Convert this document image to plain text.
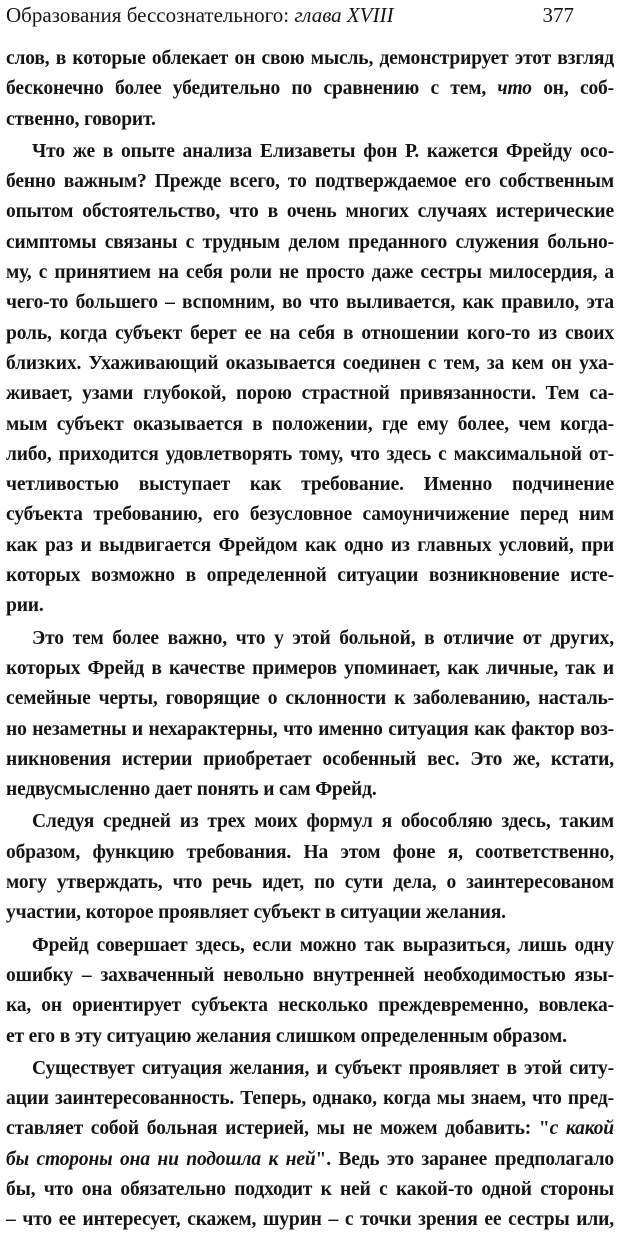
Образования бессознательного: глава XVIII	377
слов, в которые облекает он свою мысль, демонстрирует этот взгляд
бесконечно более убедительно по сравнению с тем, что он, соб-
ственно, говорит.
Что же в опыте анализа Елизаветы фон Р. кажется Фрейду осо-
бенно важным? Прежде всего, то подтверждаемое его собственным
опытом обстоятельство, что в очень многих случаях истерические
симптомы связаны с трудным делом преданного служения больно-
му, с принятием на себя роли не просто даже сестры милосердия, а
чего-то большего – вспомним, во что выливается, как правило, эта
роль, когда субъект берет ее на себя в отношении кого-то из своих
близких. Ухаживающий оказывается соединен с тем, за кем он уха-
живает, узами глубокой, порою страстной привязанности. Тем са-
мым субъект оказывается в положении, где ему более, чем когда-
либо, приходится удовлетворять тому, что здесь с максимальной от-
четливостью выступает как требование. Именно подчинение
субъекта требованию, его безусловное самоуничижение перед ним
как раз и выдвигается Фрейдом как одно из главных условий, при
которых возможно в определенной ситуации возникновение исте-
рии.
Это тем более важно, что у этой больной, в отличие от других,
которых Фрейд в качестве примеров упоминает, как личные, так и
семейные черты, говорящие о склонности к заболеванию, насталь-
но незаметны и нехарактерны, что именно ситуация как фактор воз-
никновения истерии приобретает особенный вес. Это же, кстати,
недвусмысленно дает понять и сам Фрейд.
Следуя средней из трех моих формул я обособляю здесь, таким
образом, функцию требования. На этом фоне я, соответственно,
могу утверждать, что речь идет, по сути дела, о заинтересованом
участии, которое проявляет субъект в ситуации желания.
Фрейд совершает здесь, если можно так выразиться, лишь одну
ошибку – захваченный невольно внутренней необходимостью язы-
ка, он ориентирует субъекта несколько преждевременно, вовлека-
ет его в эту ситуацию желания слишком определенным образом.
Существует ситуация желания, и субъект проявляет в этой ситу-
ации заинтересованность. Теперь, однако, когда мы знаем, что пред-
ставляет собой больная истерией, мы не можем добавить: "с какой
бы стороны она ни подошла к ней". Ведь это заранее предполагало
бы, что она обязательно подходит к ней с какой-то одной стороны
– что ее интересует, скажем, шурин – с точки зрения ее сестры или,
